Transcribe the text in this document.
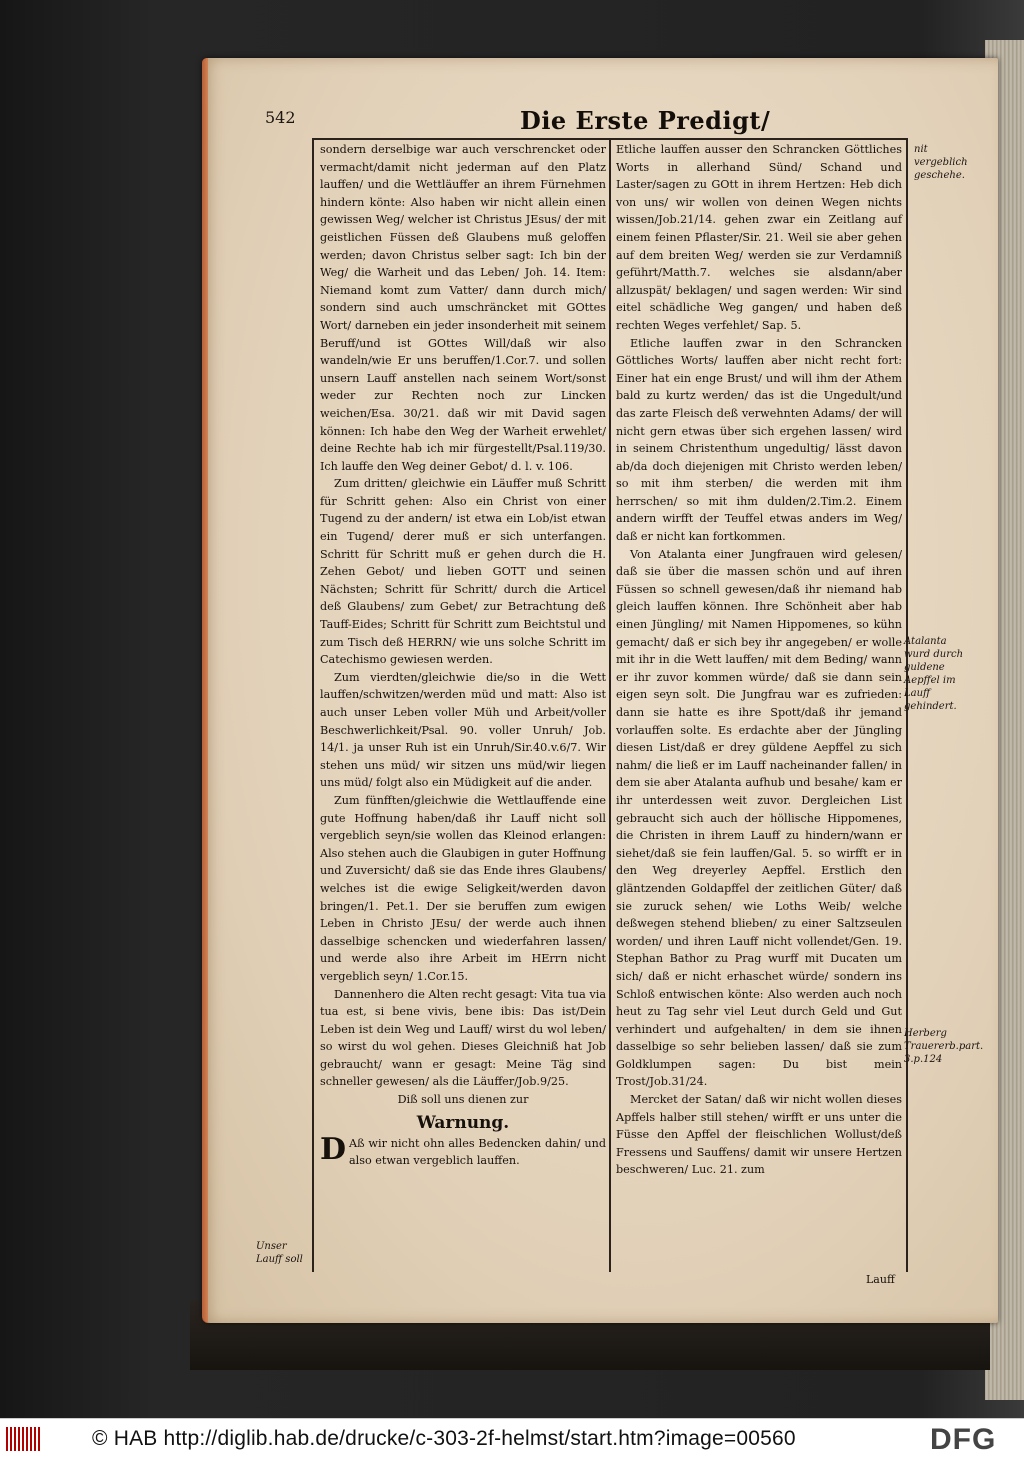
542	Die Erste Predigt/

sondern derselbige war auch verschrencket oder vermacht/damit nicht jederman auf den Platz lauffen/ und die Wettläuffer an ihrem Fürnehmen hindern könte: Also haben wir nicht allein einen gewissen Weg/ welcher ist Christus JEsus/ der mit geistlichen Füssen deß Glaubens muß geloffen werden; davon Christus selber sagt: Ich bin der Weg/ die Warheit und das Leben/ Joh. 14. Item: Niemand komt zum Vatter/ dann durch mich/ sondern sind auch umschräncket mit GOttes Wort/ darneben ein jeder insonderheit mit seinem Beruff/und ist GOttes Will/daß wir also wandeln/wie Er uns beruffen/1.Cor.7. und sollen unsern Lauff anstellen nach seinem Wort/sonst weder zur Rechten noch zur Lincken weichen/Esa. 30/21. daß wir mit David sagen können: Ich habe den Weg der Warheit erwehlet/ deine Rechte hab ich mir fürgestellt/Psal.119/30. Ich lauffe den Weg deiner Gebot/ d. l. v. 106.

Zum dritten/ gleichwie ein Läuffer muß Schritt für Schritt gehen: Also ein Christ von einer Tugend zu der andern/ ist etwa ein Lob/ist etwan ein Tugend/ derer muß er sich unterfangen. Schritt für Schritt muß er gehen durch die H. Zehen Gebot/ und lieben GOTT und seinen Nächsten; Schritt für Schritt/ durch die Articel deß Glaubens/ zum Gebet/ zur Betrachtung deß Tauff-Eides; Schritt für Schritt zum Beichtstul und zum Tisch deß HERRN/ wie uns solche Schritt im Catechismo gewiesen werden.

Zum vierdten/gleichwie die/so in die Wett lauffen/schwitzen/werden müd und matt: Also ist auch unser Leben voller Müh und Arbeit/voller Beschwerlichkeit/Psal. 90. voller Unruh/ Job. 14/1. ja unser Ruh ist ein Unruh/Sir.40.v.6/7. Wir stehen uns müd/ wir sitzen uns müd/wir liegen uns müd/ folgt also ein Müdigkeit auf die ander.

Zum fünfften/gleichwie die Wettlauffende eine gute Hoffnung haben/daß ihr Lauff nicht soll vergeblich seyn/sie wollen das Kleinod erlangen: Also stehen auch die Glaubigen in guter Hoffnung und Zuversicht/ daß sie das Ende ihres Glaubens/ welches ist die ewige Seligkeit/werden davon bringen/1. Pet.1. Der sie beruffen zum ewigen Leben in Christo JEsu/ der werde auch ihnen dasselbige schencken und wiederfahren lassen/ und werde also ihre Arbeit im HErrn nicht vergeblich seyn/ 1.Cor.15.

Dannenhero die Alten recht gesagt: Vita tua via tua est, si bene vivis, bene ibis: Das ist/Dein Leben ist dein Weg und Lauff/ wirst du wol leben/ so wirst du wol gehen. Dieses Gleichniß hat Job gebraucht/ wann er gesagt: Meine Täg sind schneller gewesen/ als die Läuffer/Job.9/25.

Diß soll uns dienen zur

Warnung.

D Aß wir nicht ohn alles Bedencken dahin/ und also etwan vergeblich lauffen.

Etliche lauffen ausser den Schrancken Göttliches Worts in allerhand Sünd/ Schand und Laster/sagen zu GOtt in ihrem Hertzen: Heb dich von uns/ wir wollen von deinen Wegen nichts wissen/Job.21/14. gehen zwar ein Zeitlang auf einem feinen Pflaster/Sir. 21. Weil sie aber gehen auf dem breiten Weg/ werden sie zur Verdamniß geführt/Matth.7. welches sie alsdann/aber allzuspät/ beklagen/ und sagen werden: Wir sind eitel schädliche Weg gangen/ und haben deß rechten Weges verfehlet/ Sap. 5.

Etliche lauffen zwar in den Schrancken Göttliches Worts/ lauffen aber nicht recht fort: Einer hat ein enge Brust/ und will ihm der Athem bald zu kurtz werden/ das ist die Ungedult/und das zarte Fleisch deß verwehnten Adams/ der will nicht gern etwas über sich ergehen lassen/ wird in seinem Christenthum ungedultig/ lässt davon ab/da doch diejenigen mit Christo werden leben/ so mit ihm sterben/ die werden mit ihm herrschen/ so mit ihm dulden/2.Tim.2. Einem andern wirfft der Teuffel etwas anders im Weg/ daß er nicht kan fortkommen.

Von Atalanta einer Jungfrauen wird gelesen/ daß sie über die massen schön und auf ihren Füssen so schnell gewesen/daß ihr niemand hab gleich lauffen können. Ihre Schönheit aber hab einen Jüngling/ mit Namen Hippomenes, so kühn gemacht/ daß er sich bey ihr angegeben/ er wolle mit ihr in die Wett lauffen/ mit dem Beding/ wann er ihr zuvor kommen würde/ daß sie dann sein eigen seyn solt. Die Jungfrau war es zufrieden: dann sie hatte es ihre Spott/daß ihr jemand vorlauffen solte. Es erdachte aber der Jüngling diesen List/daß er drey güldene Aepffel zu sich nahm/ die ließ er im Lauff nacheinander fallen/ in dem sie aber Atalanta aufhub und besahe/ kam er ihr unterdessen weit zuvor. Dergleichen List gebraucht sich auch der höllische Hippomenes, die Christen in ihrem Lauff zu hindern/wann er siehet/daß sie fein lauffen/Gal. 5. so wirfft er in den Weg dreyerley Aepffel. Erstlich den gläntzenden Goldapffel der zeitlichen Güter/ daß sie zuruck sehen/ wie Loths Weib/ welche deßwegen stehend blieben/ zu einer Saltzseulen worden/ und ihren Lauff nicht vollendet/Gen. 19. Stephan Bathor zu Prag wurff mit Ducaten um sich/ daß er nicht erhaschet würde/ sondern ins Schloß entwischen könte: Also werden auch noch heut zu Tag sehr viel Leut durch Geld und Gut verhindert und aufgehalten/ in dem sie ihnen dasselbige so sehr belieben lassen/ daß sie zum Goldklumpen sagen: Du bist mein Trost/Job.31/24.

Mercket der Satan/ daß wir nicht wollen dieses Apffels halber still stehen/ wirfft er uns unter die Füsse den Apffel der fleischlichen Wollust/deß Fressens und Sauffens/ damit wir unsere Hertzen beschweren/ Luc. 21. zum

nit vergeblich geschehe.
Atalanta wurd durch guldene Aepffel im Lauff gehindert.
Herberg Trauererb.part. 3.p.124
Unser Lauff soll
Lauff
© HAB http://diglib.hab.de/drucke/c-303-2f-helmst/start.htm?image=00560	DFG
